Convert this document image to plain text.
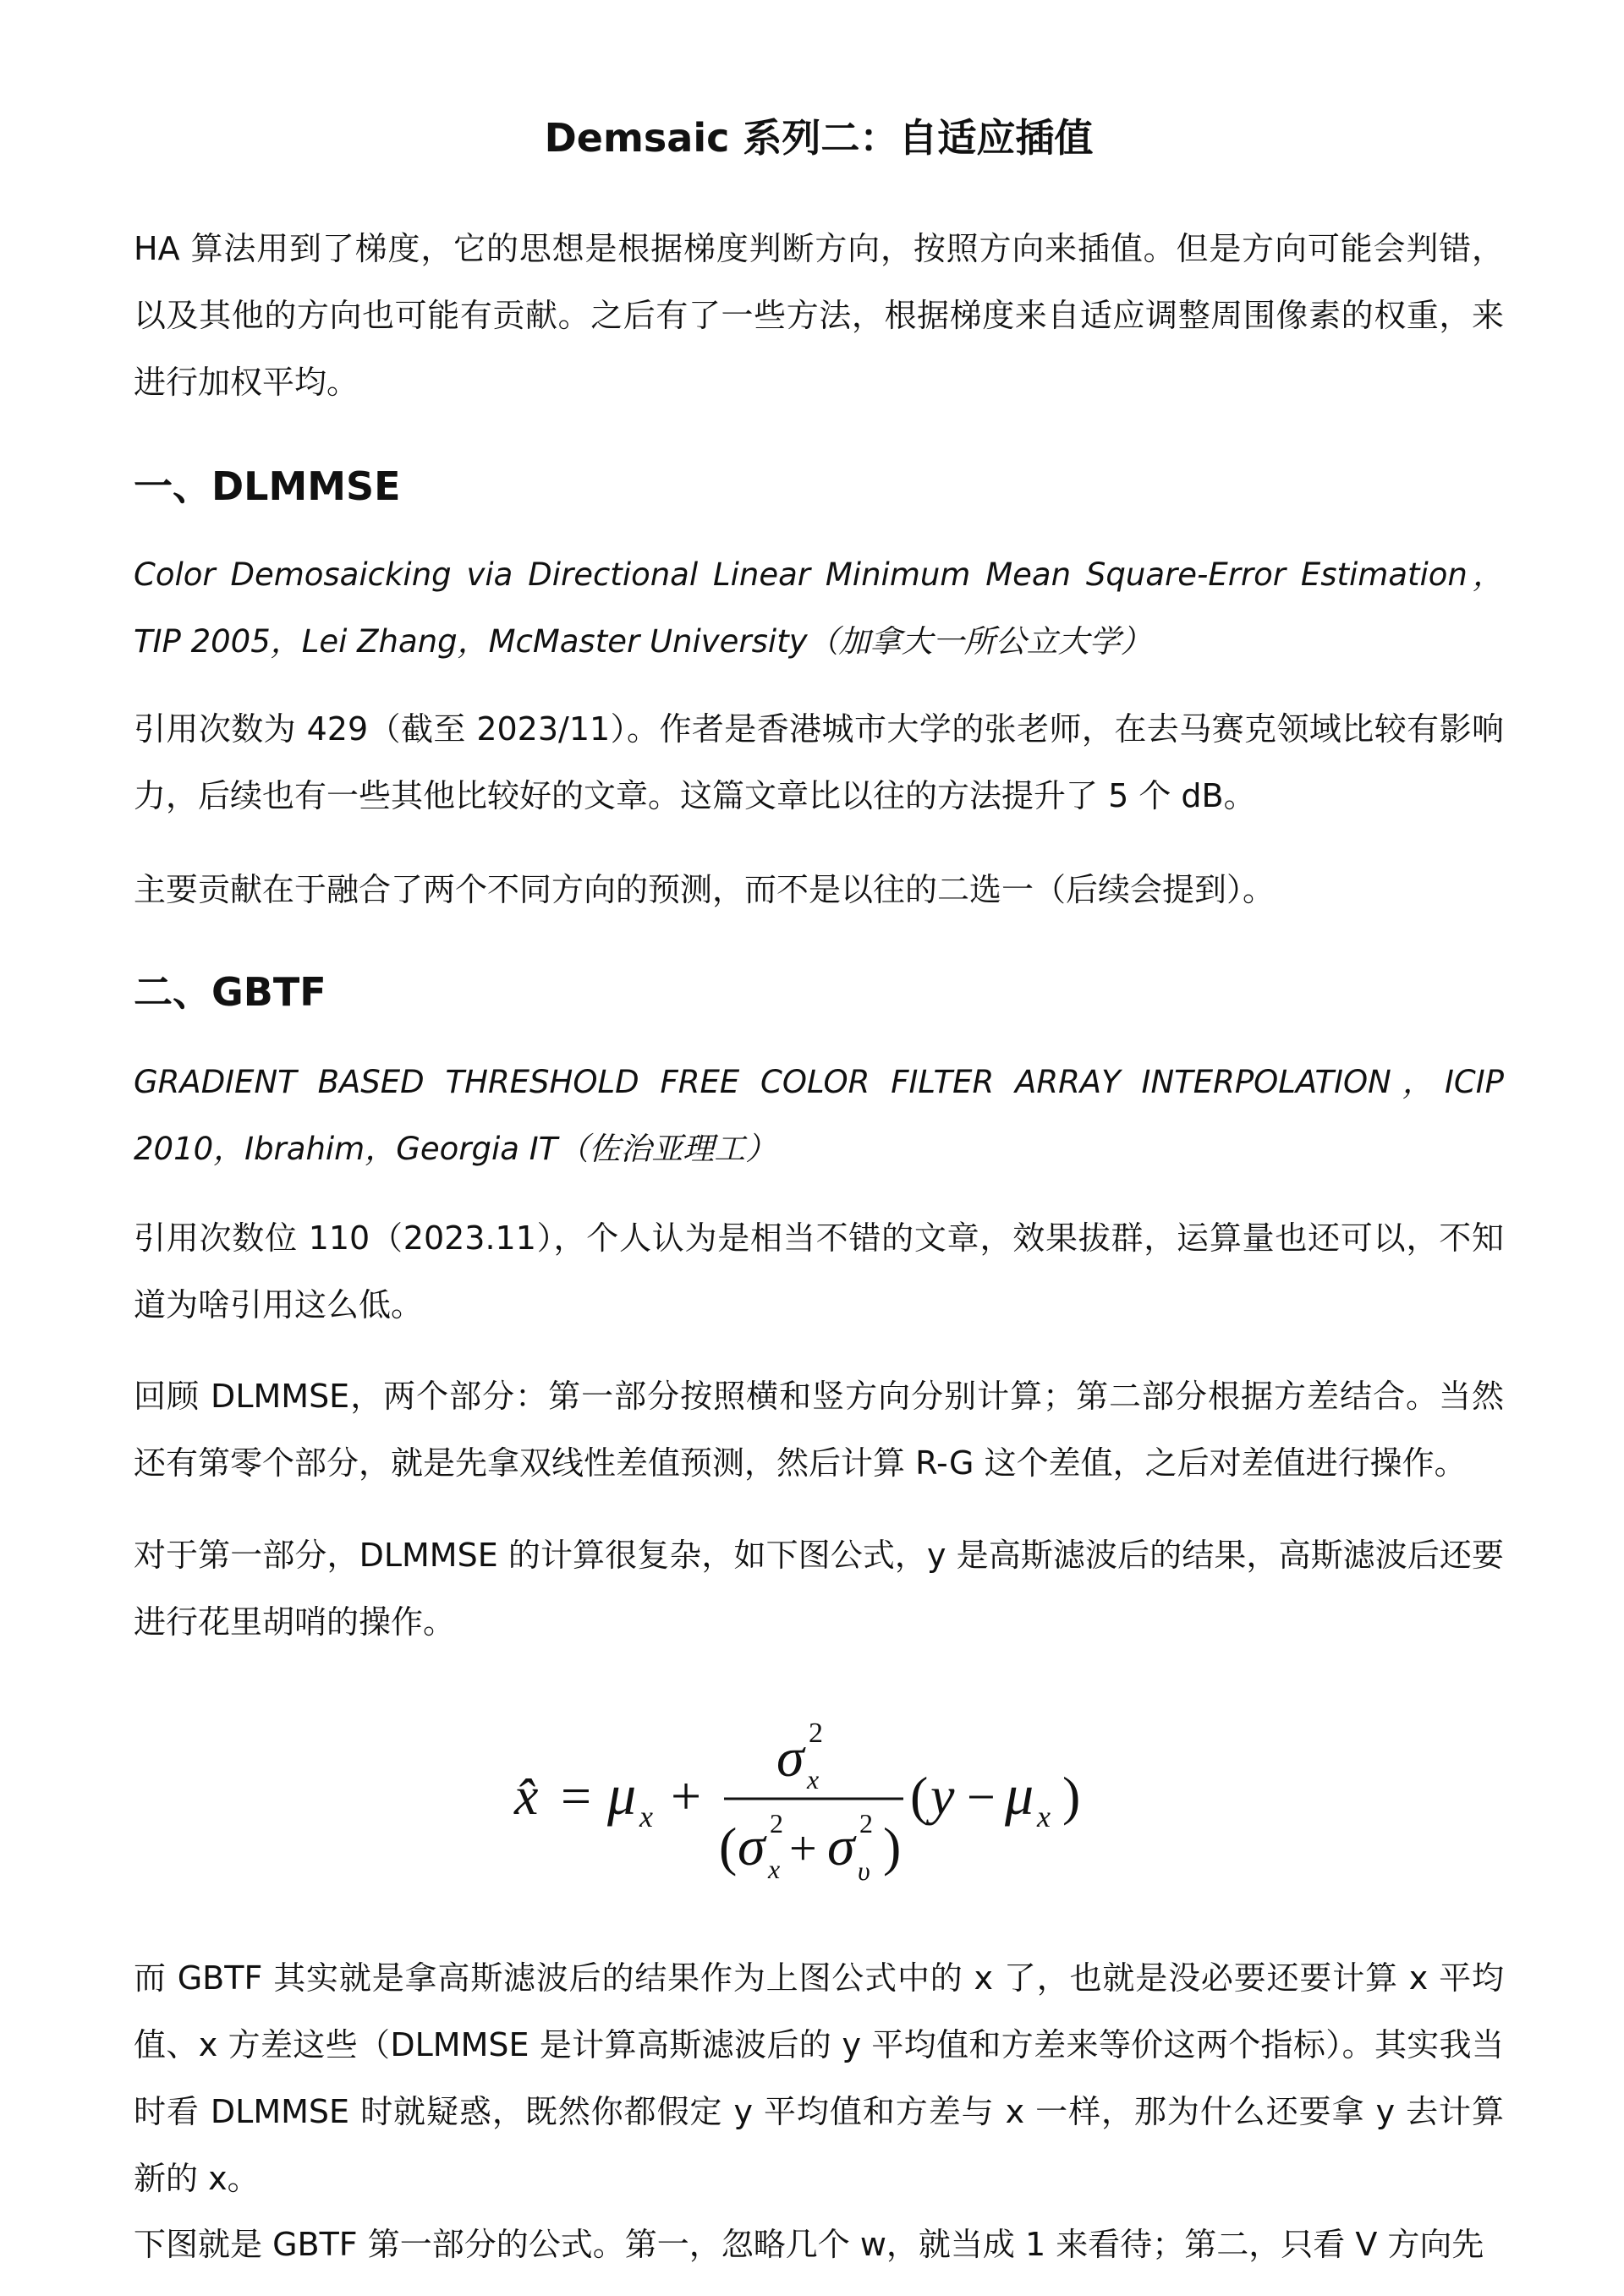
Demsaic 系列二：自适应插值

HA 算法用到了梯度，它的思想是根据梯度判断方向，按照方向来插值。但是方向可能会判错，以及其他的方向也可能有贡献。之后有了一些方法，根据梯度来自适应调整周围像素的权重，来进行加权平均。

一、DLMMSE

Color Demosaicking via Directional Linear Minimum Mean Square-Error Estimation，TIP 2005，Lei Zhang，McMaster University（加拿大一所公立大学）

引用次数为 429（截至 2023/11）。作者是香港城市大学的张老师，在去马赛克领域比较有影响力，后续也有一些其他比较好的文章。这篇文章比以往的方法提升了 5 个 dB。

主要贡献在于融合了两个不同方向的预测，而不是以往的二选一（后续会提到）。

二、GBTF

GRADIENT BASED THRESHOLD FREE COLOR FILTER ARRAY INTERPOLATION，ICIP 2010，Ibrahim，Georgia IT（佐治亚理工）

引用次数位 110（2023.11），个人认为是相当不错的文章，效果拔群，运算量也还可以，不知道为啥引用这么低。

回顾 DLMMSE，两个部分：第一部分按照横和竖方向分别计算；第二部分根据方差结合。当然还有第零个部分，就是先拿双线性差值预测，然后计算 R-G 这个差值，之后对差值进行操作。

对于第一部分，DLMMSE 的计算很复杂，如下图公式，y 是高斯滤波后的结果，高斯滤波后还要进行花里胡哨的操作。

x̂ = μ x +
σ 2
x
( σ 2
x + σ 2
υ )
( y − μ x )

而 GBTF 其实就是拿高斯滤波后的结果作为上图公式中的 x 了，也就是没必要还要计算 x 平均值、x 方差这些（DLMMSE 是计算高斯滤波后的 y 平均值和方差来等价这两个指标）。其实我当时看 DLMMSE 时就疑惑，既然你都假定 y 平均值和方差与 x 一样，那为什么还要拿 y 去计算新的 x。

下图就是 GBTF 第一部分的公式。第一，忽略几个 w，就当成 1 来看待；第二，只看 V 方向先
